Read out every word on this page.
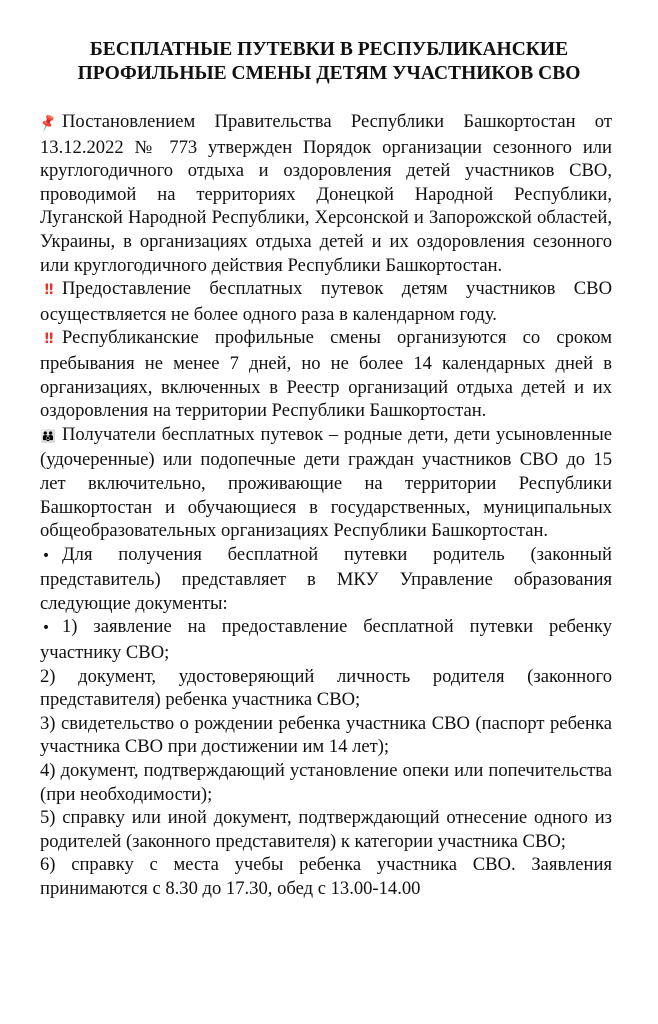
БЕСПЛАТНЫЕ ПУТЕВКИ В РЕСПУБЛИКАНСКИЕ
ПРОФИЛЬНЫЕ СМЕНЫ ДЕТЯМ УЧАСТНИКОВ СВО

📌 Постановлением Правительства Республики Башкортостан от 13.12.2022 № 773 утвержден Порядок организации сезонного или круглогодичного отдыха и оздоровления детей участников СВО, проводимой на территориях Донецкой Народной Республики, Луганской Народной Республики, Херсонской и Запорожской областей, Украины, в организациях отдыха детей и их оздоровления сезонного или круглогодичного действия Республики Башкортостан.

!! Предоставление бесплатных путевок детям участников СВО осуществляется не более одного раза в календарном году.

!! Республиканские профильные смены организуются со сроком пребывания не менее 7 дней, но не более 14 календарных дней в организациях, включенных в Реестр организаций отдыха детей и их оздоровления на территории Республики Башкортостан.

👪 Получатели бесплатных путевок – родные дети, дети усыновленные (удочеренные) или подопечные дети граждан участников СВО до 15 лет включительно, проживающие на территории Республики Башкортостан и обучающиеся в государственных, муниципальных общеобразовательных организациях Республики Башкортостан.

• Для получения бесплатной путевки родитель (законный представитель) представляет в МКУ Управление образования следующие документы:

• 1) заявление на предоставление бесплатной путевки ребенку участнику СВО;

2) документ, удостоверяющий личность родителя (законного представителя) ребенка участника СВО;

3) свидетельство о рождении ребенка участника СВО (паспорт ребенка участника СВО при достижении им 14 лет);

4) документ, подтверждающий установление опеки или попечительства (при необходимости);

5) справку или иной документ, подтверждающий отнесение одного из родителей (законного представителя) к категории участника СВО;

6) справку с места учебы ребенка участника СВО. Заявления принимаются с 8.30 до 17.30, обед с 13.00-14.00
